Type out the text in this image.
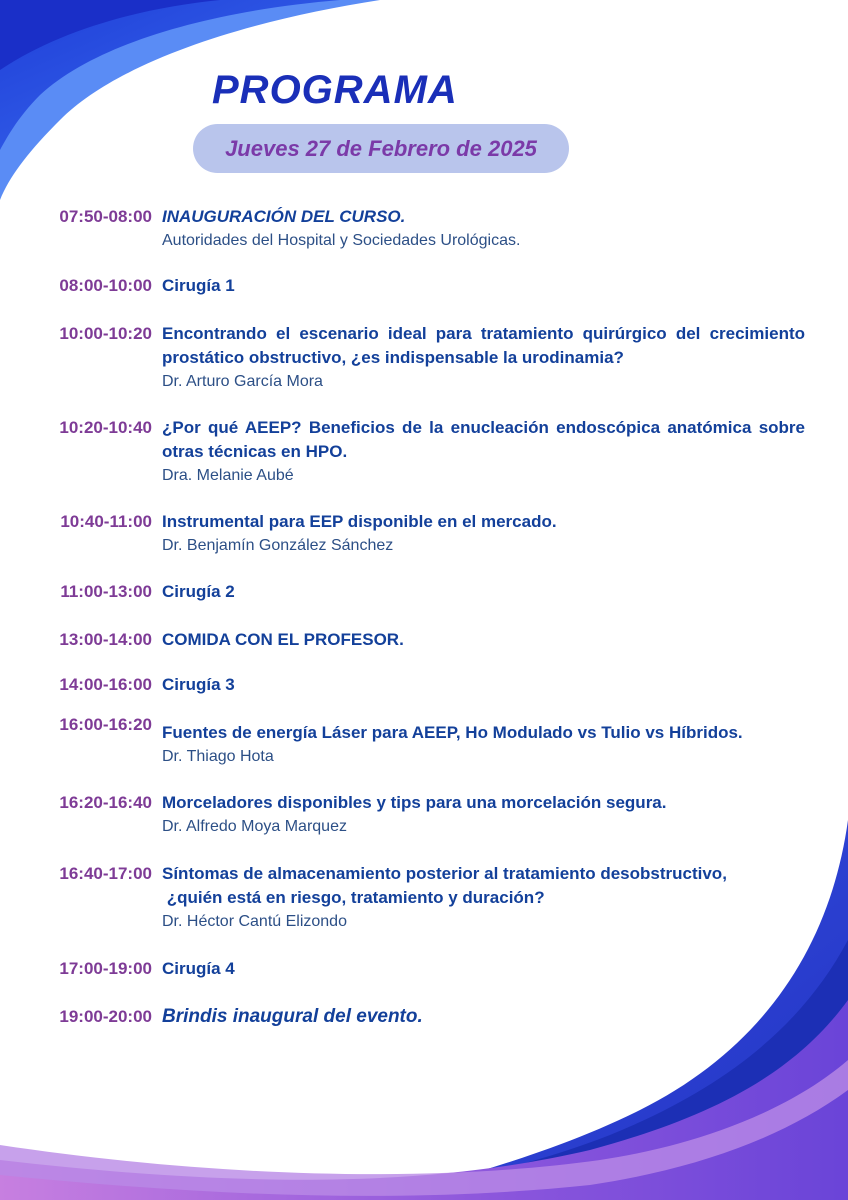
PROGRAMA
Jueves 27 de Febrero de 2025
07:50-08:00 INAUGURACIÓN DEL CURSO.

Autoridades del Hospital y Sociedades Urológicas.

08:00-10:00 Cirugía 1

10:00-10:20 Encontrando el escenario ideal para tratamiento quirúrgico del crecimiento prostático obstructivo, ¿es indispensable la urodinamia?

Dr. Arturo García Mora

10:20-10:40 ¿Por qué AEEP? Beneficios de la enucleación endoscópica anatómica sobre otras técnicas en HPO.

Dra. Melanie Aubé

10:40-11:00 Instrumental para EEP disponible en el mercado.

Dr. Benjamín González Sánchez

11:00-13:00 Cirugía 2

13:00-14:00 COMIDA CON EL PROFESOR.

14:00-16:00 Cirugía 3

16:00-16:20 Fuentes de energía Láser para AEEP, Ho Modulado vs Tulio vs Híbridos.

Dr. Thiago Hota

16:20-16:40 Morceladores disponibles y tips para una morcelación segura.

Dr. Alfredo Moya Marquez

16:40-17:00 Síntomas de almacenamiento posterior al tratamiento desobstructivo,

¿quién está en riesgo, tratamiento y duración?

Dr. Héctor Cantú Elizondo

17:00-19:00 Cirugía 4

19:00-20:00 Brindis inaugural del evento.
